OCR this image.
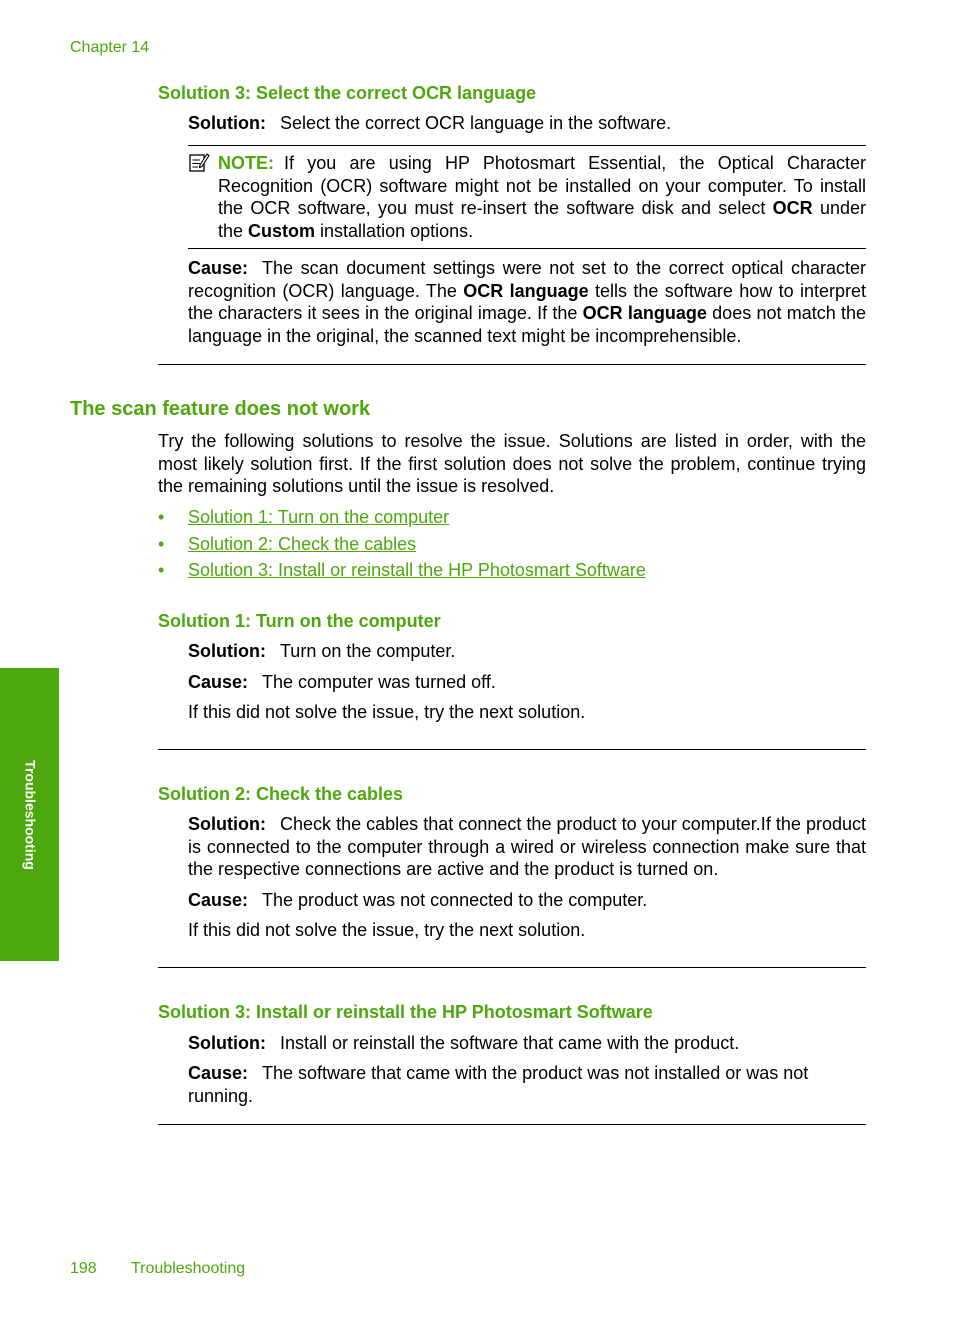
Chapter 14
Solution 3: Select the correct OCR language
Solution: Select the correct OCR language in the software.
NOTE: If you are using HP Photosmart Essential, the Optical Character Recognition (OCR) software might not be installed on your computer. To install the OCR software, you must re-insert the software disk and select OCR under the Custom installation options.
Cause: The scan document settings were not set to the correct optical character recognition (OCR) language. The OCR language tells the software how to interpret the characters it sees in the original image. If the OCR language does not match the language in the original, the scanned text might be incomprehensible.
The scan feature does not work
Try the following solutions to resolve the issue. Solutions are listed in order, with the most likely solution first. If the first solution does not solve the problem, continue trying the remaining solutions until the issue is resolved.
• Solution 1: Turn on the computer
• Solution 2: Check the cables
• Solution 3: Install or reinstall the HP Photosmart Software
Solution 1: Turn on the computer
Solution: Turn on the computer.
Cause: The computer was turned off.
If this did not solve the issue, try the next solution.
Solution 2: Check the cables
Solution: Check the cables that connect the product to your computer.If the product is connected to the computer through a wired or wireless connection make sure that the respective connections are active and the product is turned on.
Cause: The product was not connected to the computer.
If this did not solve the issue, try the next solution.
Solution 3: Install or reinstall the HP Photosmart Software
Solution: Install or reinstall the software that came with the product.
Cause: The software that came with the product was not installed or was not running.
Troubleshooting
198 Troubleshooting
